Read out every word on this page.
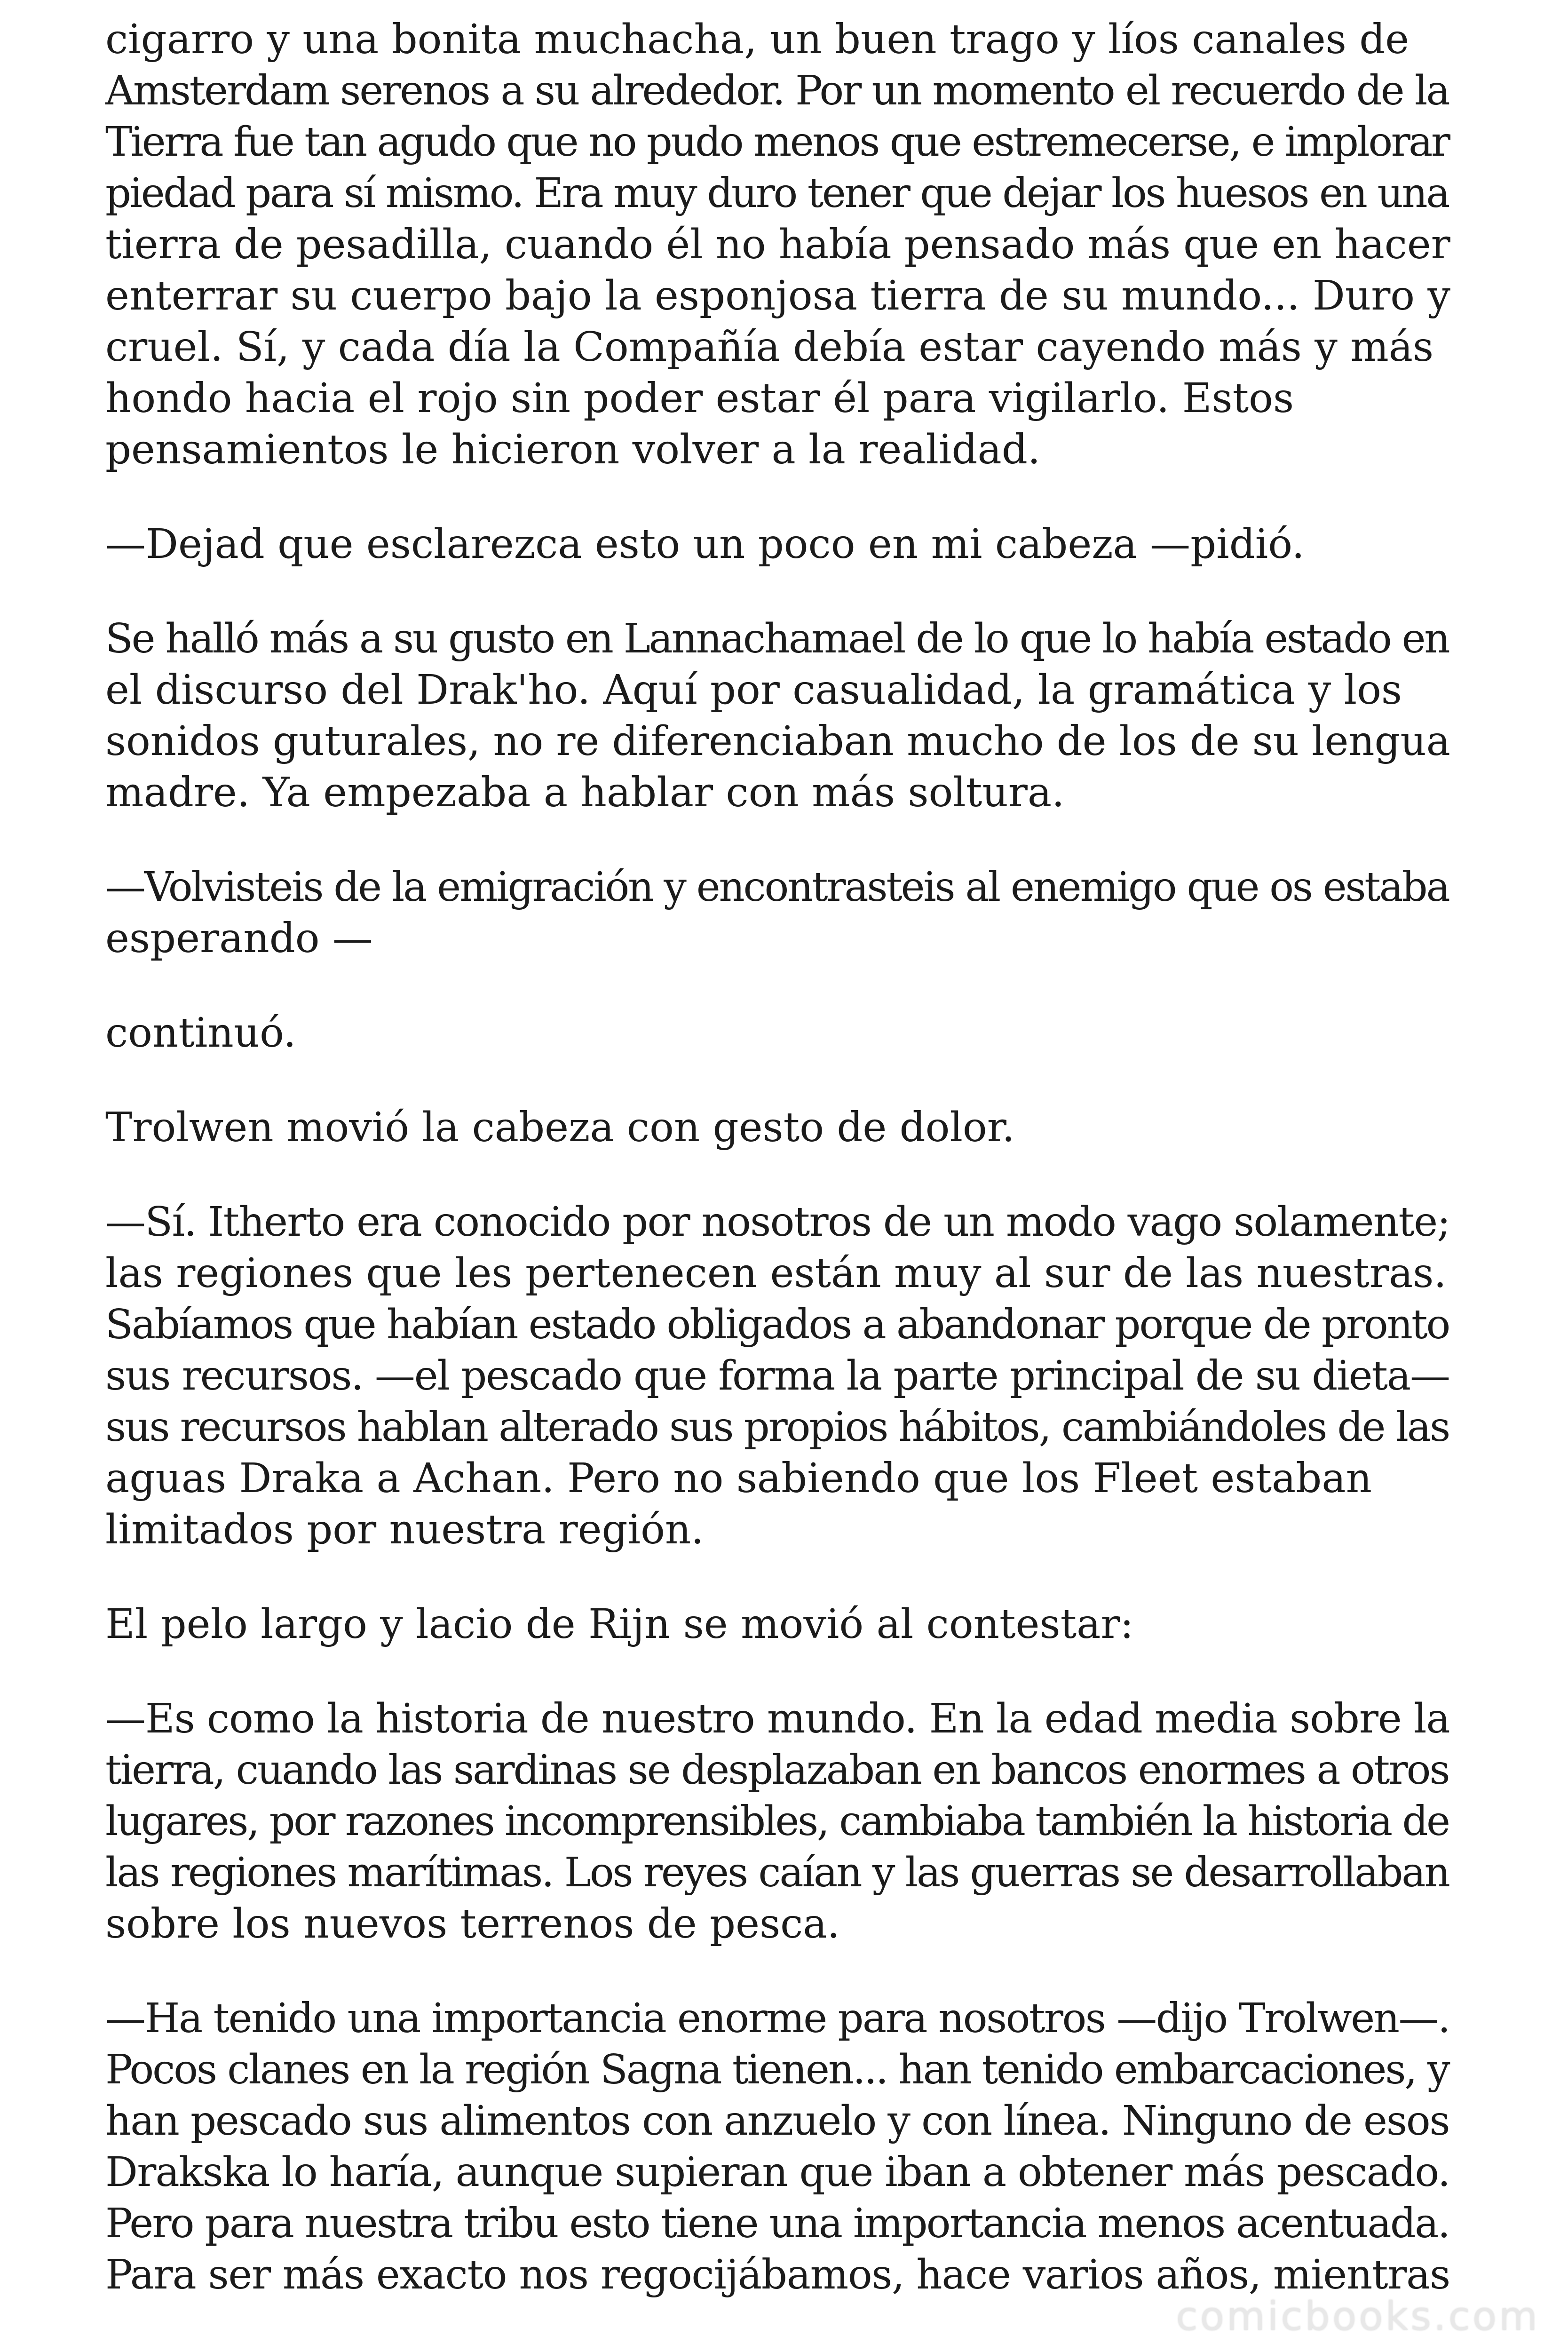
cigarro y una bonita muchacha, un buen trago y líos canales de
Amsterdam serenos a su alrededor. Por un momento el recuerdo de la
Tierra fue tan agudo que no pudo menos que estremecerse, e implorar
piedad para sí mismo. Era muy duro tener que dejar los huesos en una
tierra de pesadilla, cuando él no había pensado más que en hacer
enterrar su cuerpo bajo la esponjosa tierra de su mundo... Duro y
cruel. Sí, y cada día la Compañía debía estar cayendo más y más
hondo hacia el rojo sin poder estar él para vigilarlo. Estos
pensamientos le hicieron volver a la realidad.

—Dejad que esclarezca esto un poco en mi cabeza —pidió.

Se halló más a su gusto en Lannachamael de lo que lo había estado en
el discurso del Drak'ho. Aquí por casualidad, la gramática y los
sonidos guturales, no re diferenciaban mucho de los de su lengua
madre. Ya empezaba a hablar con más soltura.

—Volvisteis de la emigración y encontrasteis al enemigo que os estaba
esperando —

continuó.

Trolwen movió la cabeza con gesto de dolor.

—Sí. Itherto era conocido por nosotros de un modo vago solamente;
las regiones que les pertenecen están muy al sur de las nuestras.
Sabíamos que habían estado obligados a abandonar porque de pronto
sus recursos. —el pescado que forma la parte principal de su dieta—
sus recursos hablan alterado sus propios hábitos, cambiándoles de las
aguas Draka a Achan. Pero no sabiendo que los Fleet estaban
limitados por nuestra región.

El pelo largo y lacio de Rijn se movió al contestar:

—Es como la historia de nuestro mundo. En la edad media sobre la
tierra, cuando las sardinas se desplazaban en bancos enormes a otros
lugares, por razones incomprensibles, cambiaba también la historia de
las regiones marítimas. Los reyes caían y las guerras se desarrollaban
sobre los nuevos terrenos de pesca.

—Ha tenido una importancia enorme para nosotros —dijo Trolwen—.
Pocos clanes en la región Sagna tienen... han tenido embarcaciones, y
han pescado sus alimentos con anzuelo y con línea. Ninguno de esos
Drakska lo haría, aunque supieran que iban a obtener más pescado.
Pero para nuestra tribu esto tiene una importancia menos acentuada.
Para ser más exacto nos regocijábamos, hace varios años, mientras

comicbooks.com
